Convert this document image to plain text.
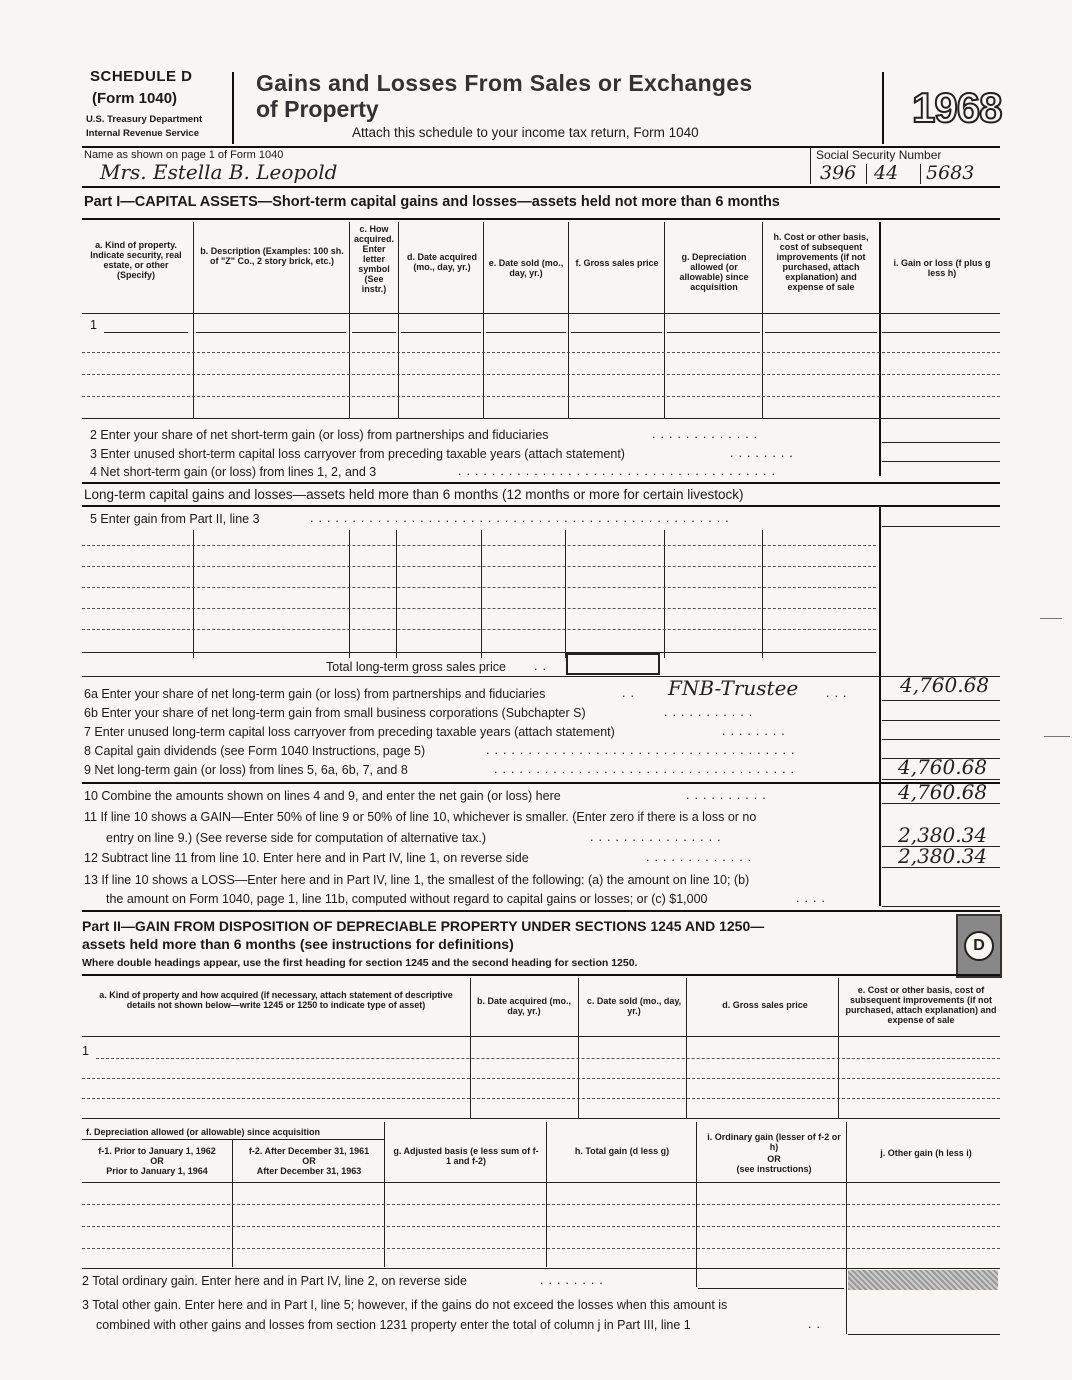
SCHEDULE D
(Form 1040)
U.S. Treasury Department
Internal Revenue Service
Gains and Losses From Sales or Exchanges
of Property
Attach this schedule to your income tax return, Form 1040
1968
Name as shown on page 1 of Form 1040
Mrs. Estella B. Leopold
Social Security Number
396 44 5683
Part I—CAPITAL ASSETS—Short-term capital gains and losses—assets held not more than 6 months
a. Kind of property. Indicate security, real estate, or other (Specify)
b. Description (Examples: 100 sh. of "Z" Co., 2 story brick, etc.)
c. How acquired. Enter letter symbol (See instr.)
d. Date acquired (mo., day, yr.)	e. Date sold (mo., day, yr.)
f. Gross sales price
g. Depreciation allowed (or allowable) since acquisition
h. Cost or other basis, cost of subsequent improvements (if not purchased, attach explanation) and expense of sale
i. Gain or loss (f plus g less h)
1
2 Enter your share of net short-term gain (or loss) from partnerships and fiduciaries	.............
3 Enter unused short-term capital loss carryover from preceding taxable years (attach statement)	........
4 Net short-term gain (or loss) from lines 1, 2, and 3	......................................
Long-term capital gains and losses—assets held more than 6 months (12 months or more for certain livestock)
5 Enter gain from Part II, line 3	..................................................
Total long-term gross sales price ..
6a Enter your share of net long-term gain (or loss) from partnerships and fiduciaries	.. FNB-Trustee ... 4,760.68
6b Enter your share of net long-term gain from small business corporations (Subchapter S)	...........
7 Enter unused long-term capital loss carryover from preceding taxable years (attach statement)	........
8 Capital gain dividends (see Form 1040 Instructions, page 5)	.....................................
9 Net long-term gain (or loss) from lines 5, 6a, 6b, 7, and 8	....................................	4,760.68
10 Combine the amounts shown on lines 4 and 9, and enter the net gain (or loss) here	..........	4,760.68
11 If line 10 shows a GAIN—Enter 50% of line 9 or 50% of line 10, whichever is smaller. (Enter zero if there is a loss or no
entry on line 9.) (See reverse side for computation of alternative tax.)	................	2,380.34
12 Subtract line 11 from line 10. Enter here and in Part IV, line 1, on reverse side	.............	2,380.34
13 If line 10 shows a LOSS—Enter here and in Part IV, line 1, the smallest of the following: (a) the amount on line 10; (b)
the amount on Form 1040, page 1, line 11b, computed without regard to capital gains or losses; or (c) $1,000	....
Part II—GAIN FROM DISPOSITION OF DEPRECIABLE PROPERTY UNDER SECTIONS 1245 AND 1250—
assets held more than 6 months (see instructions for definitions)
Where double headings appear, use the first heading for section 1245 and the second heading for section 1250.
D
a. Kind of property and how acquired (if necessary, attach statement of descriptive details not shown below—write 1245 or 1250 to indicate type of asset)	b. Date acquired (mo., day, yr.)
c. Date sold (mo., day, yr.)
d. Gross sales price
e. Cost or other basis, cost of subsequent improvements (if not purchased, attach explanation) and expense of sale
1
f. Depreciation allowed (or allowable) since acquisition
f-1. Prior to January 1, 1962
OR
Prior to January 1, 1964
f-2. After December 31, 1961
OR
After December 31, 1963
g. Adjusted basis (e less sum of f-1 and f-2)
h. Total gain (d less g)
i. Ordinary gain (lesser of f-2 or h)
OR
(see instructions)
j. Other gain (h less i)
2 Total ordinary gain. Enter here and in Part IV, line 2, on reverse side	........
3 Total other gain. Enter here and in Part I, line 5; however, if the gains do not exceed the losses when this amount is
combined with other gains and losses from section 1231 property enter the total of column j in Part III, line 1	..
